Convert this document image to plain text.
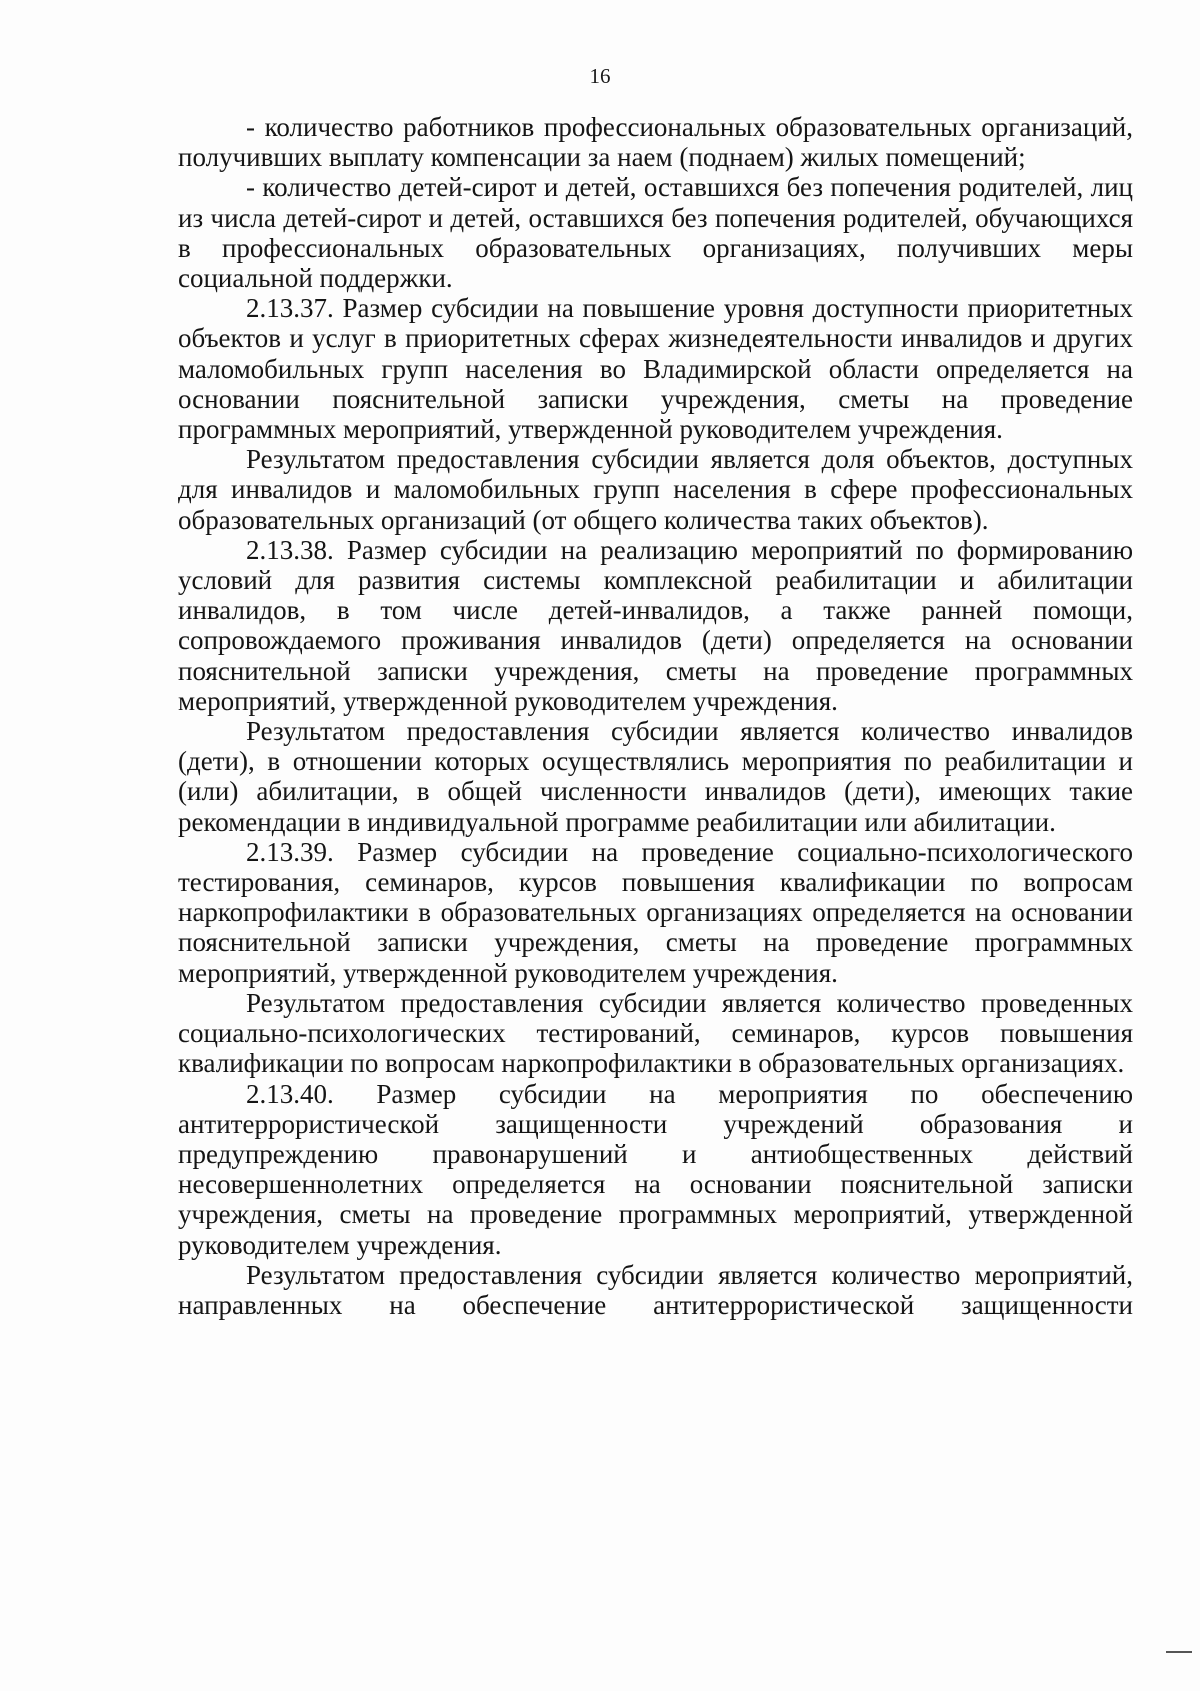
16

- количество работников профессиональных образовательных организаций, получивших выплату компенсации за наем (поднаем) жилых помещений;

- количество детей-сирот и детей, оставшихся без попечения родителей, лиц из числа детей-сирот и детей, оставшихся без попечения родителей, обучающихся в профессиональных образовательных организациях, получивших меры социальной поддержки.

2.13.37. Размер субсидии на повышение уровня доступности приоритетных объектов и услуг в приоритетных сферах жизнедеятельности инвалидов и других маломобильных групп населения во Владимирской области определяется на основании пояснительной записки учреждения, сметы на проведение программных мероприятий, утвержденной руководителем учреждения.

Результатом предоставления субсидии является доля объектов, доступных для инвалидов и маломобильных групп населения в сфере профессиональных образовательных организаций (от общего количества таких объектов).

2.13.38. Размер субсидии на реализацию мероприятий по формированию условий для развития системы комплексной реабилитации и абилитации инвалидов, в том числе детей-инвалидов, а также ранней помощи, сопровождаемого проживания инвалидов (дети) определяется на основании пояснительной записки учреждения, сметы на проведение программных мероприятий, утвержденной руководителем учреждения.

Результатом предоставления субсидии является количество инвалидов (дети), в отношении которых осуществлялись мероприятия по реабилитации и (или) абилитации, в общей численности инвалидов (дети), имеющих такие рекомендации в индивидуальной программе реабилитации или абилитации.

2.13.39. Размер субсидии на проведение социально-психологического тестирования, семинаров, курсов повышения квалификации по вопросам наркопрофилактики в образовательных организациях определяется на основании пояснительной записки учреждения, сметы на проведение программных мероприятий, утвержденной руководителем учреждения.

Результатом предоставления субсидии является количество проведенных социально-психологических тестирований, семинаров, курсов повышения квалификации по вопросам наркопрофилактики в образовательных организациях.

2.13.40. Размер субсидии на мероприятия по обеспечению антитеррористической защищенности учреждений образования и предупреждению правонарушений и антиобщественных действий несовершеннолетних определяется на основании пояснительной записки учреждения, сметы на проведение программных мероприятий, утвержденной руководителем учреждения.

Результатом предоставления субсидии является количество мероприятий, направленных на обеспечение антитеррористической защищенности
